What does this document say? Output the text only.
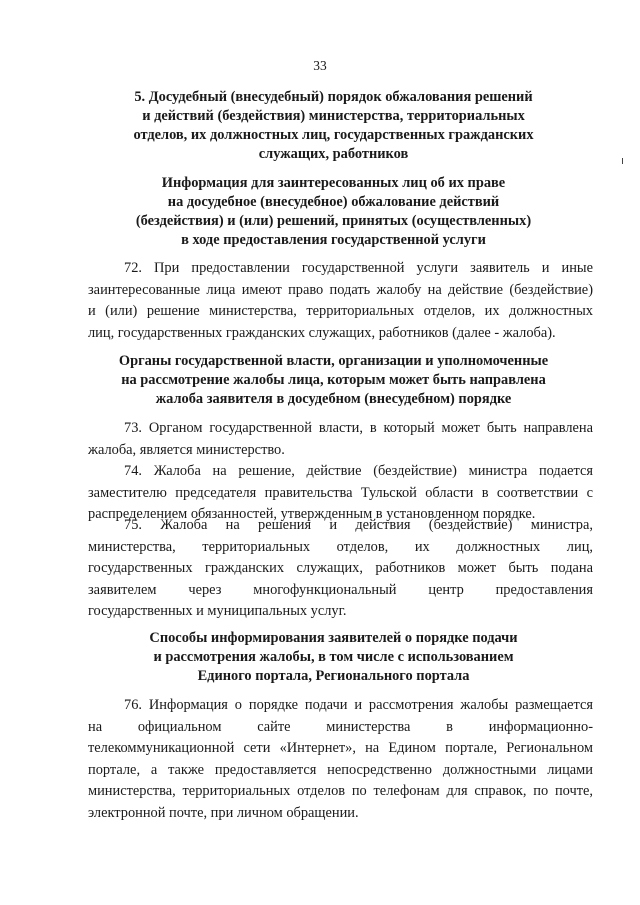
33
5. Досудебный (внесудебный) порядок обжалования решений
и действий (бездействия) министерства, территориальных
отделов, их должностных лиц, государственных гражданских
служащих, работников
Информация для заинтересованных лиц об их праве
на досудебное (внесудебное) обжалование действий
(бездействия) и (или) решений, принятых (осуществленных)
в ходе предоставления государственной услуги
72. При предоставлении государственной услуги заявитель и иные
заинтересованные лица имеют право подать жалобу на действие (бездействие)
и (или) решение министерства, территориальных отделов, их должностных
лиц, государственных гражданских служащих, работников (далее - жалоба).
Органы государственной власти, организации и уполномоченные
на рассмотрение жалобы лица, которым может быть направлена
жалоба заявителя в досудебном (внесудебном) порядке
73. Органом государственной власти, в который может быть направлена
жалоба, является министерство.
74. Жалоба на решение, действие (бездействие) министра подается
заместителю председателя правительства Тульской области в соответствии с
распределением обязанностей, утвержденным в установленном порядке.
75. Жалоба на решения и действия (бездействие) министра,
министерства, территориальных отделов, их должностных лиц,
государственных гражданских служащих, работников может быть подана
заявителем через многофункциональный центр предоставления
государственных и муниципальных услуг.
Способы информирования заявителей о порядке подачи
и рассмотрения жалобы, в том числе с использованием
Единого портала, Регионального портала
76. Информация о порядке подачи и рассмотрения жалобы размещается
на официальном сайте министерства в информационно-
телекоммуникационной сети «Интернет», на Едином портале, Региональном
портале, а также предоставляется непосредственно должностными лицами
министерства, территориальных отделов по телефонам для справок, по почте,
электронной почте, при личном обращении.
